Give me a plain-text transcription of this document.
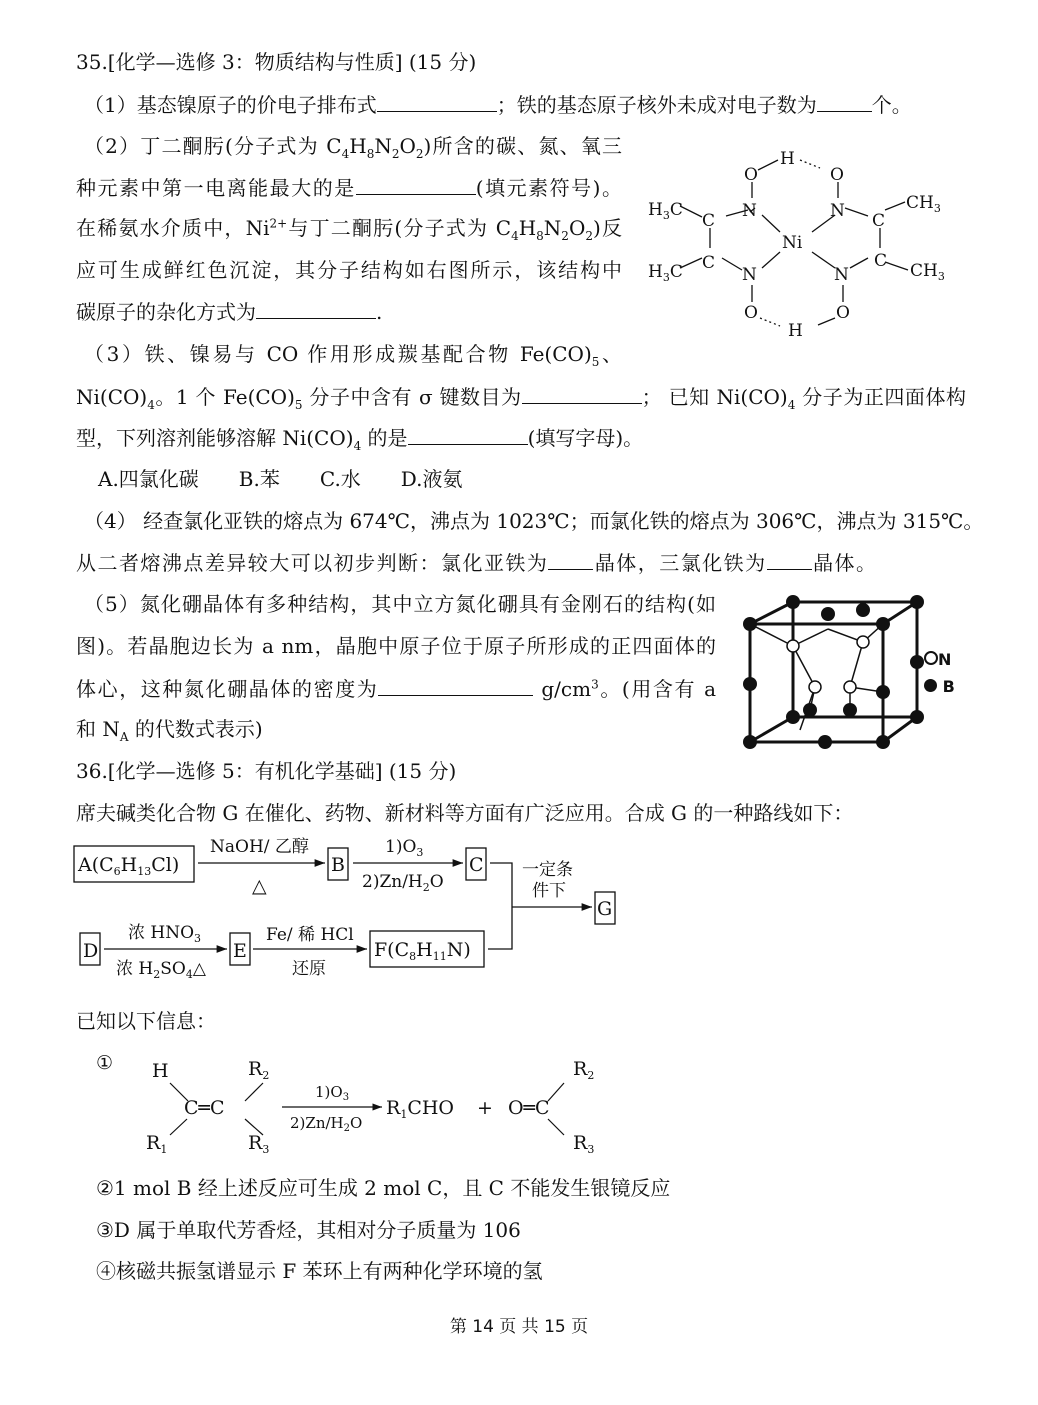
35.[化学—选修 3：物质结构与性质] (15 分)
（1）基态镍原子的价电子排布式	；铁的基态原子核外未成对电子数为	个。
（2）丁二酮肟(分子式为 $C_4H_8N_2O_2$)所含的碳、氮、氧三
种元素中第一电离能最大的是	(填元素符号)。
在稀氨水介质中，$Ni^{2+}$与丁二酮肟(分子式为 $C_4H_8N_2O_2$)反
应可生成鲜红色沉淀，其分子结构如右图所示，该结构中
碳原子的杂化方式为	.
（3）铁、镍易与 CO 作用形成羰基配合物 $Fe(CO)_5$、
$Ni(CO)_4$。1 个 $Fe(CO)_5$ 分子中含有 σ 键数目为	； 已知 $Ni(CO)_4$ 分子为正四面体构
型，下列溶剂能够溶解 $Ni(CO)_4$ 的是	(填写字母)。
A.四氯化碳　　B.苯　　C.水　　D.液氨
（4） 经查氯化亚铁的熔点为 674℃，沸点为 1023℃；而氯化铁的熔点为 306℃，沸点为 315℃。
从二者熔沸点差异较大可以初步判断：氯化亚铁为 晶体，三氯化铁为 晶体。
（5）氮化硼晶体有多种结构，其中立方氮化硼具有金刚石的结构(如
图)。若晶胞边长为 a nm，晶胞中原子位于原子所形成的正四面体的
体心，这种氮化硼晶体的密度为	$g/cm^3$。(用含有 a
和 $N_A$ 的代数式表示)
36.[化学—选修 5：有机化学基础] (15 分)
席夫碱类化合物 G 在催化、药物、新材料等方面有广泛应用。合成 G 的一种路线如下：
H
O	O
$H_3C$
C N	N C
$CH_3$
Ni
$H_3C$ C
N	N
C $CH_3$
O	O
H
N
B
$A(C_6H_{13}Cl)$
NaOH/ 乙醇
△
B
$1)O_3$
$2)Zn/H_2O$
C 一定条
件下
G
D
浓 $HNO_3$
浓 $H_2SO_4\triangle$
E
Fe/ 稀 HCl
还原
$F(C_8H_{11}N)$
已知以下信息：
① H	$R_2$
C═C
$R_1$	$R_3$
$1)O_3$
$2)Zn/H_2O$
$R_1CHO$ + O═C
$R_2$
$R_3$
②1 mol B 经上述反应可生成 2 mol C，且 C 不能发生银镜反应
③D 属于单取代芳香烃，其相对分子质量为 106
④核磁共振氢谱显示 F 苯环上有两种化学环境的氢
第 14 页 共 15 页
